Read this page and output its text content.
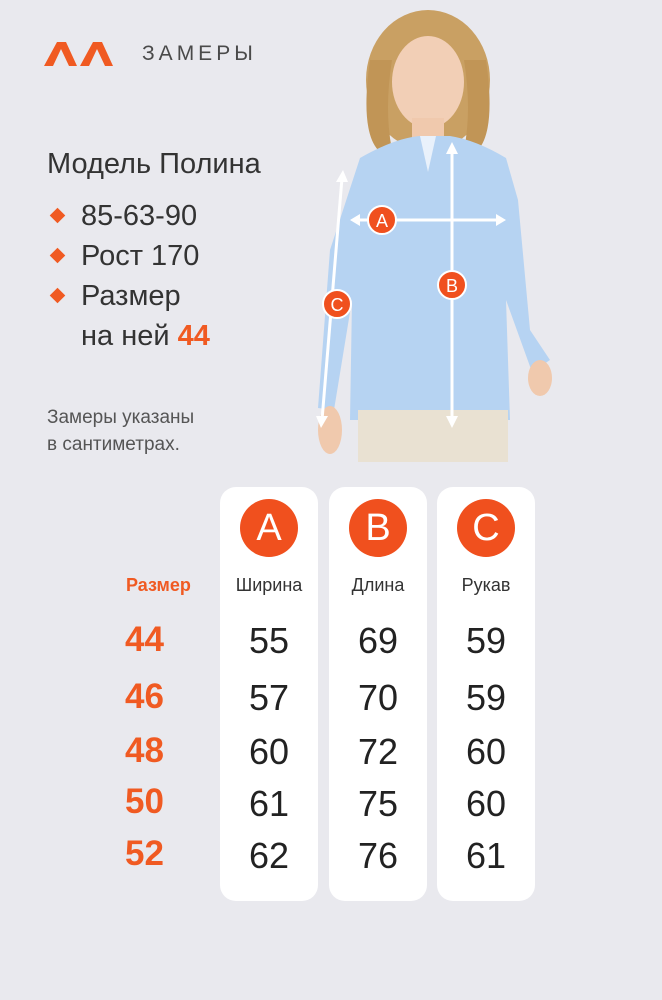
ЗАМЕРЫ
Модель Полина
85-63-90
Рост 170
Размер
на ней 44
Замеры указаны
в сантиметрах.
A
B
C
Размер
44
46
48
50
52
A
Ширина
55
57
60
61
62
B
Длина
69
70
72
75
76
C
Рукав
59
59
60
60
61
